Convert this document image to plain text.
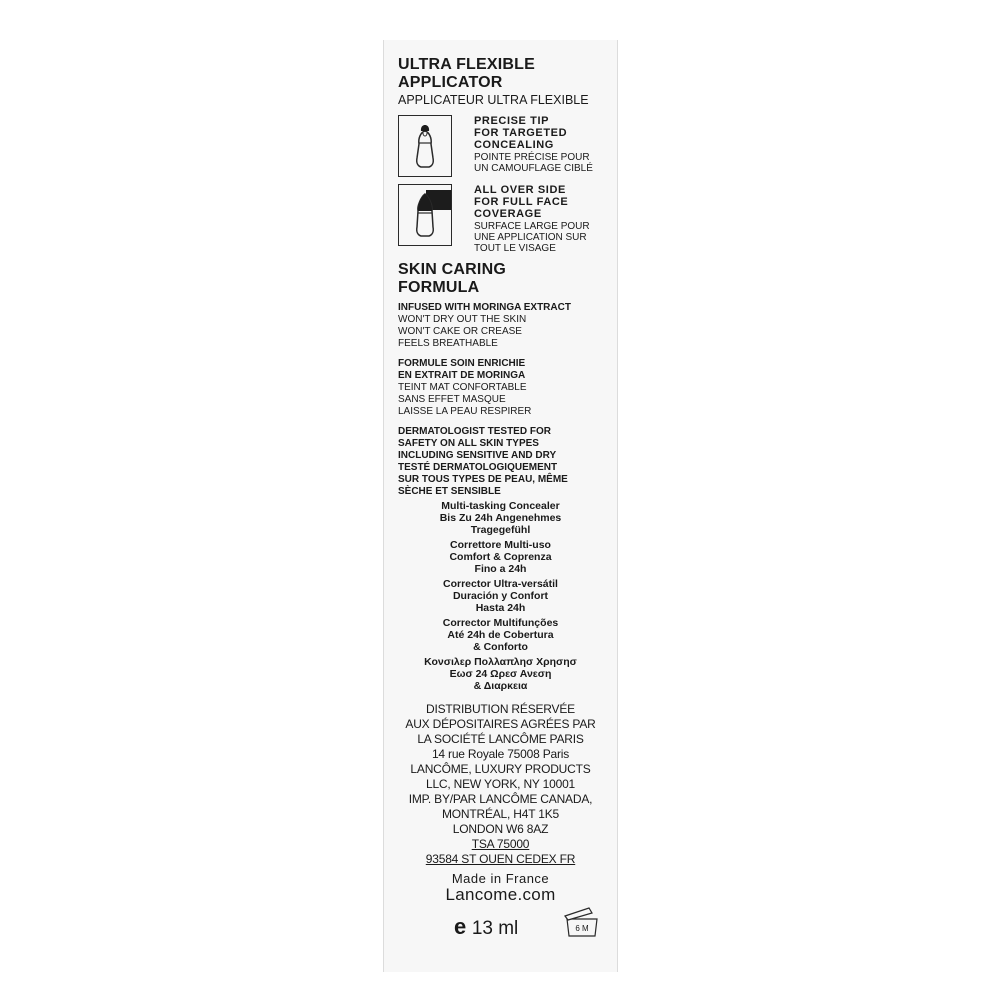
ULTRA FLEXIBLE
APPLICATOR
APPLICATEUR ULTRA FLEXIBLE
PRECISE TIP
FOR TARGETED
CONCEALING
POINTE PRÉCISE POUR
UN CAMOUFLAGE CIBLÉ
ALL OVER SIDE
FOR FULL FACE
COVERAGE
SURFACE LARGE POUR
UNE APPLICATION SUR
TOUT LE VISAGE
SKIN CARING
FORMULA
INFUSED WITH MORINGA EXTRACT
WON'T DRY OUT THE SKIN
WON'T CAKE OR CREASE
FEELS BREATHABLE
FORMULE SOIN ENRICHIE
EN EXTRAIT DE MORINGA
TEINT MAT CONFORTABLE
SANS EFFET MASQUE
LAISSE LA PEAU RESPIRER
DERMATOLOGIST TESTED FOR
SAFETY ON ALL SKIN TYPES
INCLUDING SENSITIVE AND DRY
TESTÉ DERMATOLOGIQUEMENT
SUR TOUS TYPES DE PEAU, MÊME
SÈCHE ET SENSIBLE
Multi-tasking Concealer
Bis Zu 24h Angenehmes
Tragegefühl
Correttore Multi-uso
Comfort & Coprenza
Fino a 24h
Corrector Ultra-versátil
Duración y Confort
Hasta 24h
Corrector Multifunções
Até 24h de Cobertura
& Conforto
Κονσιλερ Πολλαπλησ Χρησησ
Εωσ 24 Ωρεσ Ανεση
& Διαρκεια
DISTRIBUTION RÉSERVÉE
AUX DÉPOSITAIRES AGRÉES PAR
LA SOCIÉTÉ LANCÔME PARIS
14 rue Royale 75008 Paris
LANCÔME, LUXURY PRODUCTS
LLC, NEW YORK, NY 10001
IMP. BY/PAR LANCÔME CANADA,
MONTRÉAL, H4T 1K5
LONDON W6 8AZ
TSA 75000
93584 ST OUEN CEDEX FR
Made in France
Lancome.com
e 13 ml	6 M
